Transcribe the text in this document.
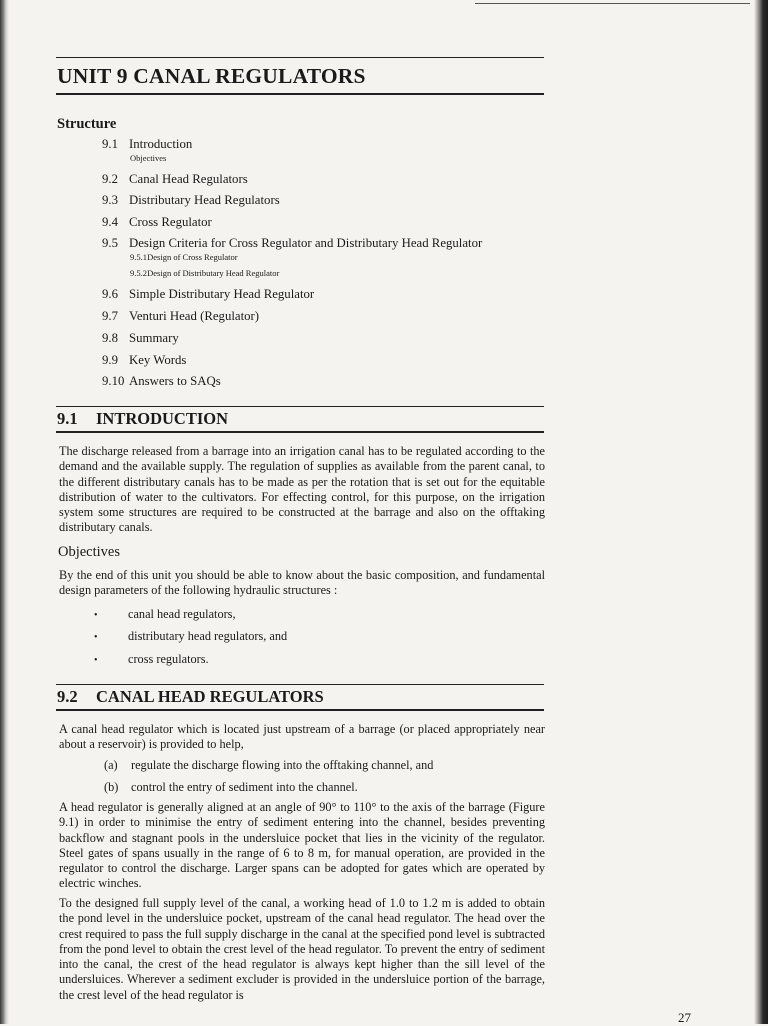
UNIT 9 CANAL REGULATORS
Structure
9.1 Introduction
Objectives
9.2 Canal Head Regulators
9.3 Distributary Head Regulators
9.4 Cross Regulator
9.5 Design Criteria for Cross Regulator and Distributary Head Regulator
9.5.1 Design of Cross Regulator
9.5.2 Design of Distributary Head Regulator
9.6 Simple Distributary Head Regulator
9.7 Venturi Head (Regulator)
9.8 Summary
9.9 Key Words
9.10 Answers to SAQs
9.1 INTRODUCTION

The discharge released from a barrage into an irrigation canal has to be regulated according to the demand and the available supply. The regulation of supplies as available from the parent canal, to the different distributary canals has to be made as per the rotation that is set out for the equitable distribution of water to the cultivators. For effecting control, for this purpose, on the irrigation system some structures are required to be constructed at the barrage and also on the offtaking distributary canals.

Objectives

By the end of this unit you should be able to know about the basic composition, and fundamental design parameters of the following hydraulic structures :

• canal head regulators,
• distributary head regulators, and
• cross regulators.
9.2 CANAL HEAD REGULATORS

A canal head regulator which is located just upstream of a barrage (or placed appropriately near about a reservoir) is provided to help,

(a) regulate the discharge flowing into the offtaking channel, and
(b) control the entry of sediment into the channel.

A head regulator is generally aligned at an angle of 90° to 110° to the axis of the barrage (Figure 9.1) in order to minimise the entry of sediment entering into the channel, besides preventing backflow and stagnant pools in the undersluice pocket that lies in the vicinity of the regulator. Steel gates of spans usually in the range of 6 to 8 m, for manual operation, are provided in the regulator to control the discharge. Larger spans can be adopted for gates which are operated by electric winches.

To the designed full supply level of the canal, a working head of 1.0 to 1.2 m is added to obtain the pond level in the undersluice pocket, upstream of the canal head regulator. The head over the crest required to pass the full supply discharge in the canal at the specified pond level is subtracted from the pond level to obtain the crest level of the head regulator. To prevent the entry of sediment into the canal, the crest of the head regulator is always kept higher than the sill level of the undersluices. Wherever a sediment excluder is provided in the undersluice portion of the barrage, the crest level of the head regulator is

27
